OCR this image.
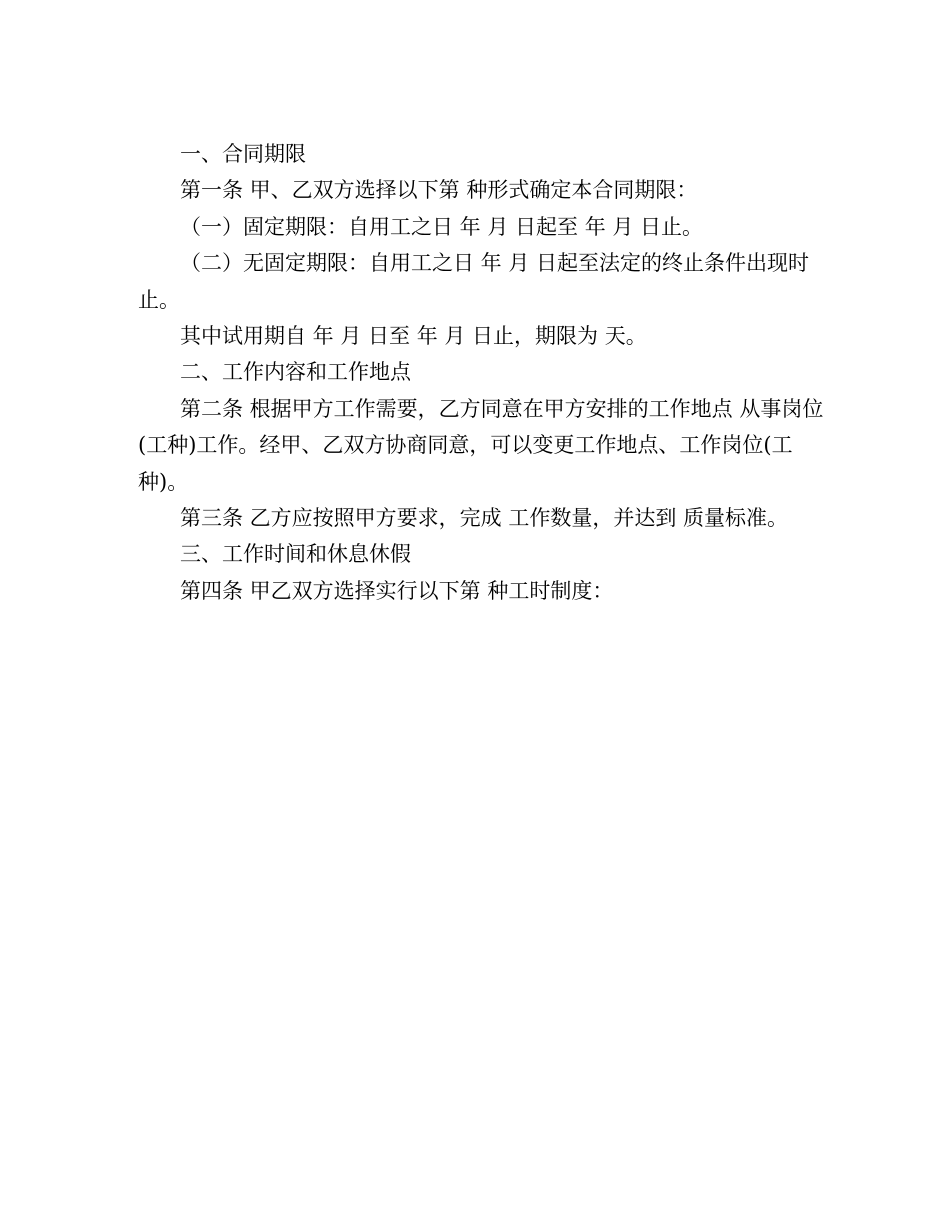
一、合同期限

第一条 甲、乙双方选择以下第 种形式确定本合同期限：

（一）固定期限：自用工之日 年 月 日起至 年 月 日止。

（二）无固定期限：自用工之日 年 月 日起至法定的终止条件出现时止。

其中试用期自 年 月 日至 年 月 日止，期限为 天。

二、工作内容和工作地点

第二条 根据甲方工作需要，乙方同意在甲方安排的工作地点 从事岗位(工种)工作。经甲、乙双方协商同意，可以变更工作地点、工作岗位(工种)。

第三条 乙方应按照甲方要求，完成 工作数量，并达到 质量标准。

三、工作时间和休息休假

第四条 甲乙双方选择实行以下第 种工时制度：
